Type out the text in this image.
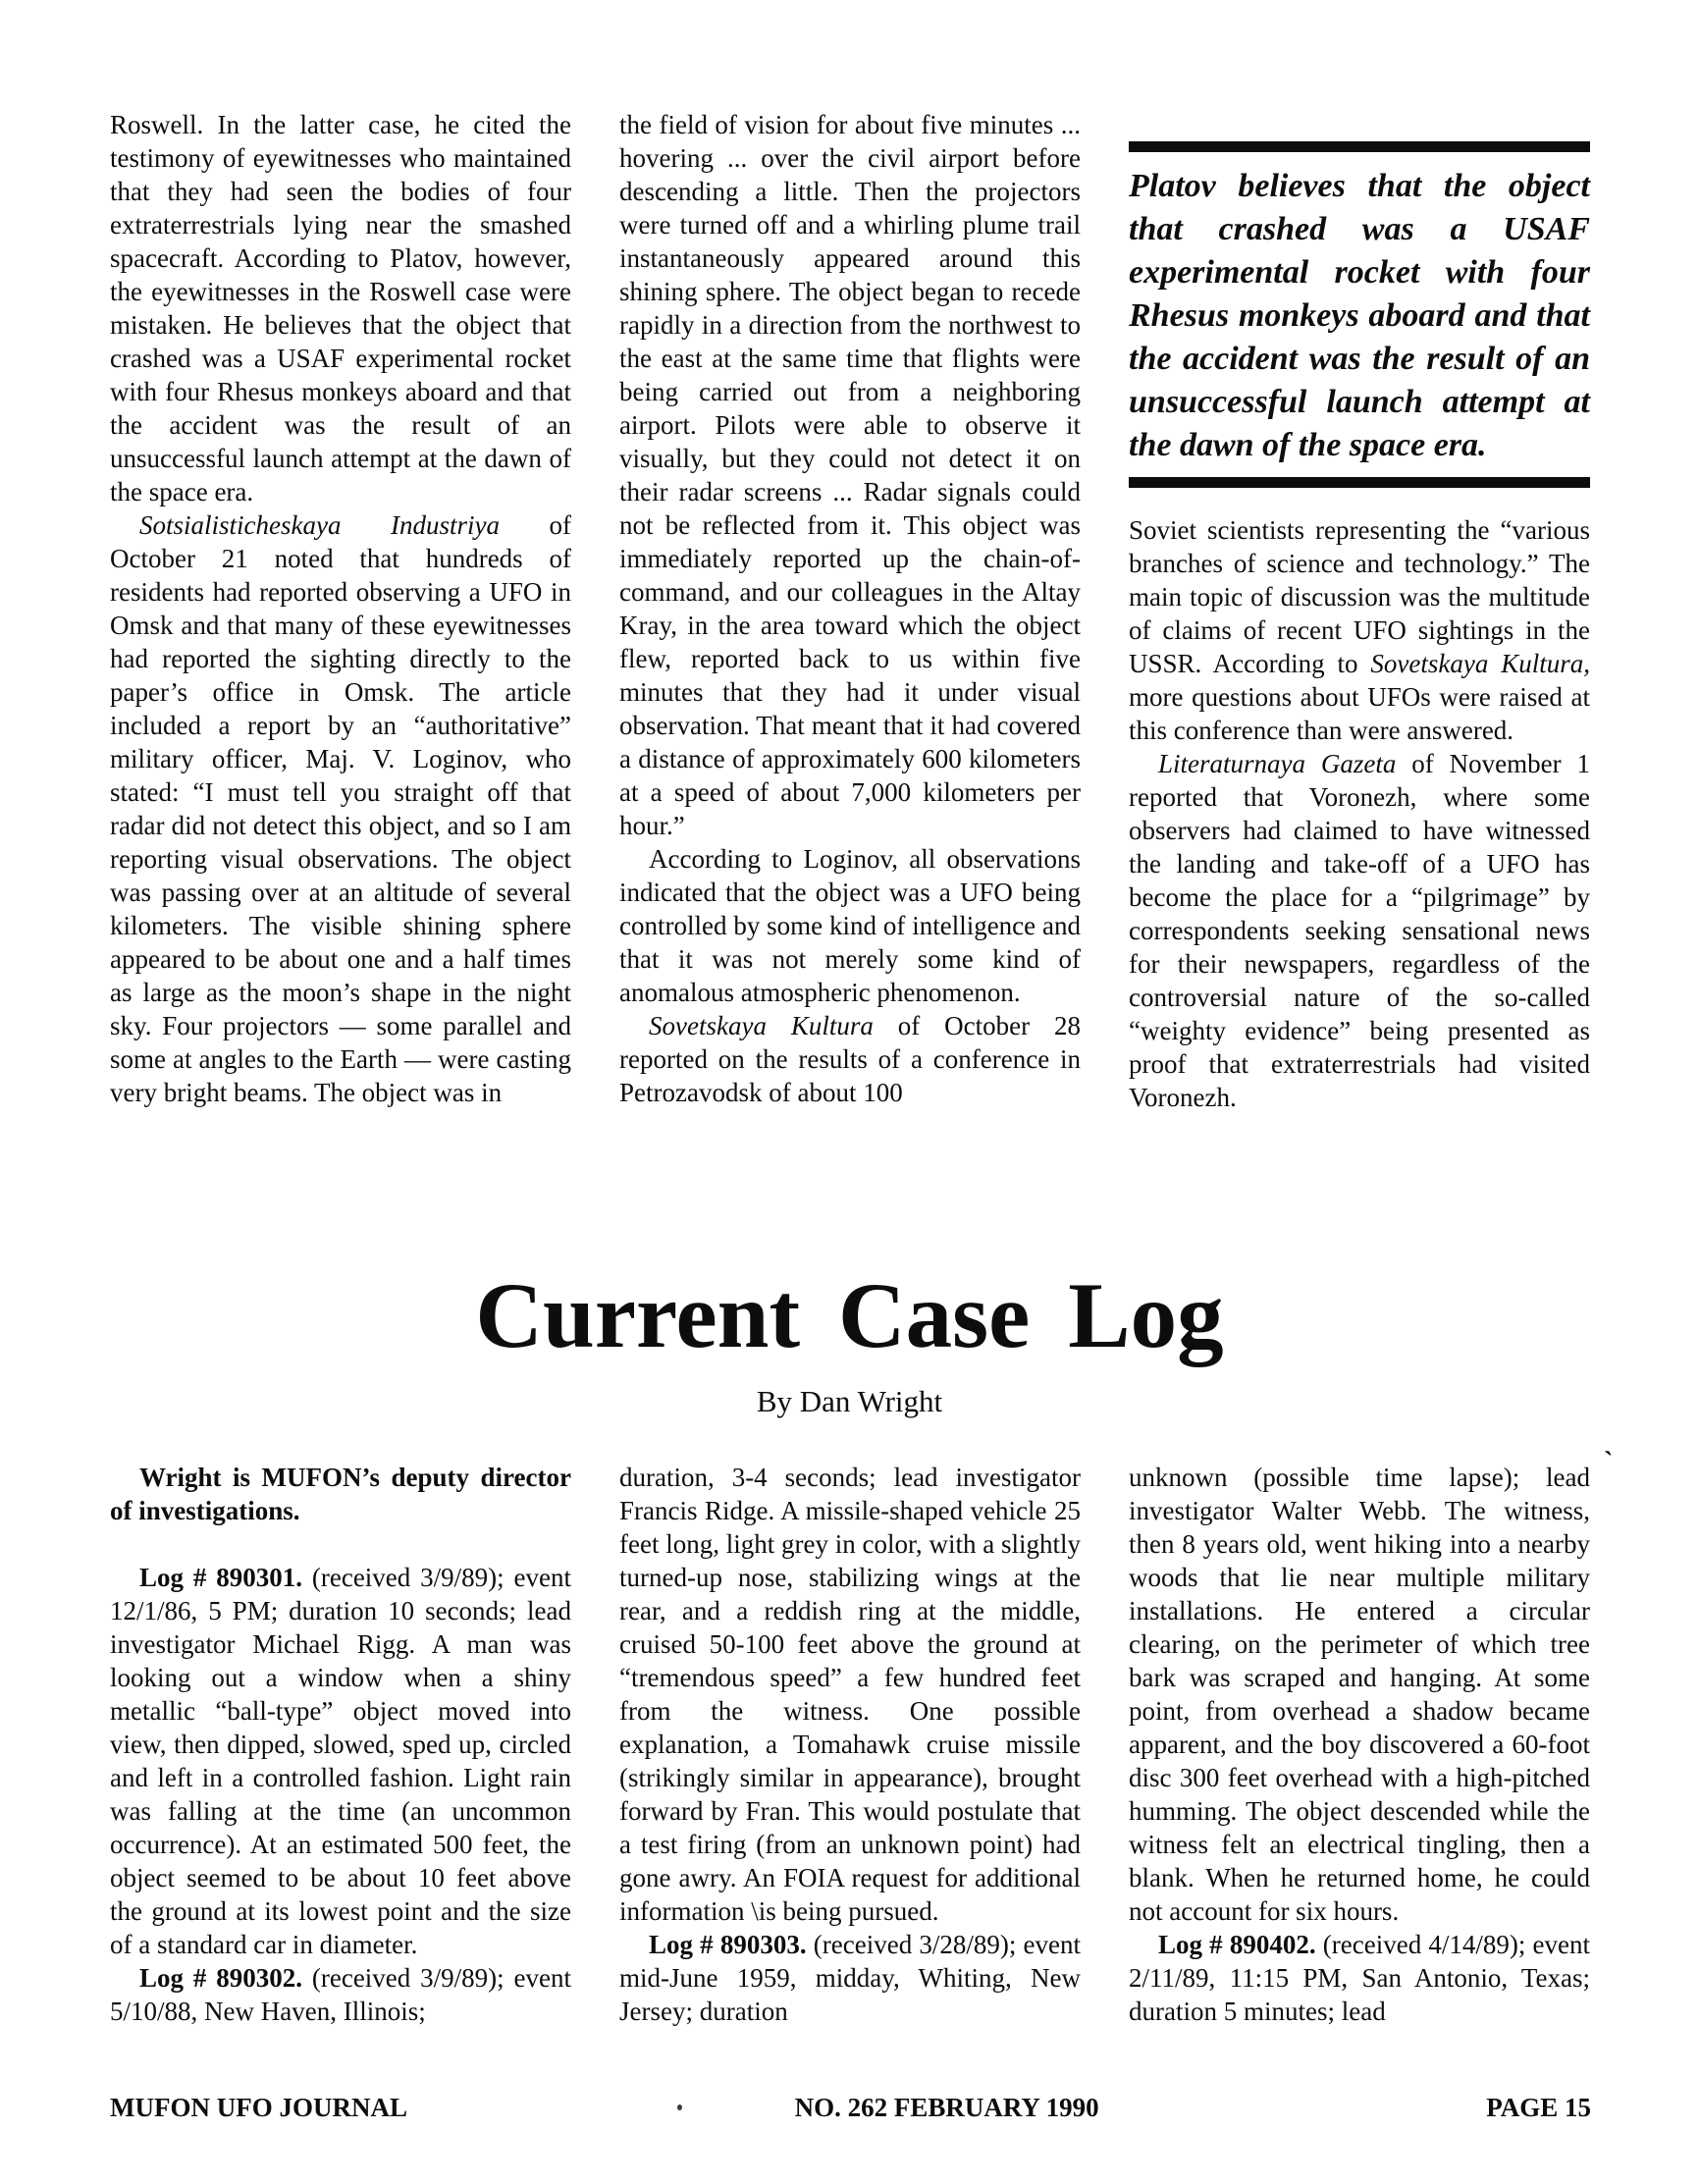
Roswell. In the latter case, he cited the testimony of eyewitnesses who maintained that they had seen the bodies of four extraterrestrials lying near the smashed spacecraft. According to Platov, however, the eyewitnesses in the Roswell case were mistaken. He believes that the object that crashed was a USAF experimental rocket with four Rhesus monkeys aboard and that the accident was the result of an unsuccessful launch attempt at the dawn of the space era.

Sotsialisticheskaya Industriya of October 21 noted that hundreds of residents had reported observing a UFO in Omsk and that many of these eyewitnesses had reported the sighting directly to the paper’s office in Omsk. The article included a report by an “authoritative” military officer, Maj. V. Loginov, who stated: “I must tell you straight off that radar did not detect this object, and so I am reporting visual observations. The object was passing over at an altitude of several kilometers. The visible shining sphere appeared to be about one and a half times as large as the moon’s shape in the night sky. Four projectors — some parallel and some at angles to the Earth — were casting very bright beams. The object was in

the field of vision for about five minutes ... hovering ... over the civil airport before descending a little. Then the projectors were turned off and a whirling plume trail instantaneously appeared around this shining sphere. The object began to recede rapidly in a direction from the northwest to the east at the same time that flights were being carried out from a neighboring airport. Pilots were able to observe it visually, but they could not detect it on their radar screens ... Radar signals could not be reflected from it. This object was immediately reported up the chain-of-command, and our colleagues in the Altay Kray, in the area toward which the object flew, reported back to us within five minutes that they had it under visual observation. That meant that it had covered a distance of approximately 600 kilometers at a speed of about 7,000 kilometers per hour.”

According to Loginov, all observations indicated that the object was a UFO being controlled by some kind of intelligence and that it was not merely some kind of anomalous atmospheric phenomenon.

Sovetskaya Kultura of October 28 reported on the results of a conference in Petrozavodsk of about 100

Platov believes that the object that crashed was a USAF experimental rocket with four Rhesus monkeys aboard and that the accident was the result of an unsuccessful launch attempt at the dawn of the space era.

Soviet scientists representing the “various branches of science and technology.” The main topic of discussion was the multitude of claims of recent UFO sightings in the USSR. According to Sovetskaya Kultura, more questions about UFOs were raised at this conference than were answered.

Literaturnaya Gazeta of November 1 reported that Voronezh, where some observers had claimed to have witnessed the landing and take-off of a UFO has become the place for a “pilgrimage” by correspondents seeking sensational news for their newspapers, regardless of the controversial nature of the so-called “weighty evidence” being presented as proof that extraterrestrials had visited Voronezh.

Current Case Log

By Dan Wright

Wright is MUFON’s deputy director of investigations.

Log # 890301. (received 3/9/89); event 12/1/86, 5 PM; duration 10 seconds; lead investigator Michael Rigg. A man was looking out a window when a shiny metallic “ball-type” object moved into view, then dipped, slowed, sped up, circled and left in a controlled fashion. Light rain was falling at the time (an uncommon occurrence). At an estimated 500 feet, the object seemed to be about 10 feet above the ground at its lowest point and the size of a standard car in diameter.

Log # 890302. (received 3/9/89); event 5/10/88, New Haven, Illinois;

duration, 3-4 seconds; lead investigator Francis Ridge. A missile-shaped vehicle 25 feet long, light grey in color, with a slightly turned-up nose, stabilizing wings at the rear, and a reddish ring at the middle, cruised 50-100 feet above the ground at “tremendous speed” a few hundred feet from the witness. One possible explanation, a Tomahawk cruise missile (strikingly similar in appearance), brought forward by Fran. This would postulate that a test firing (from an unknown point) had gone awry. An FOIA request for additional information \is being pursued.

Log # 890303. (received 3/28/89); event mid-June 1959, midday, Whiting, New Jersey; duration

unknown (possible time lapse); lead investigator Walter Webb. The witness, then 8 years old, went hiking into a nearby woods that lie near multiple military installations. He entered a circular clearing, on the perimeter of which tree bark was scraped and hanging. At some point, from overhead a shadow became apparent, and the boy discovered a 60-foot disc 300 feet overhead with a high-pitched humming. The object descended while the witness felt an electrical tingling, then a blank. When he returned home, he could not account for six hours.

Log # 890402. (received 4/14/89); event 2/11/89, 11:15 PM, San Antonio, Texas; duration 5 minutes; lead

`
MUFON UFO JOURNAL	NO. 262 FEBRUARY 1990	PAGE 15
